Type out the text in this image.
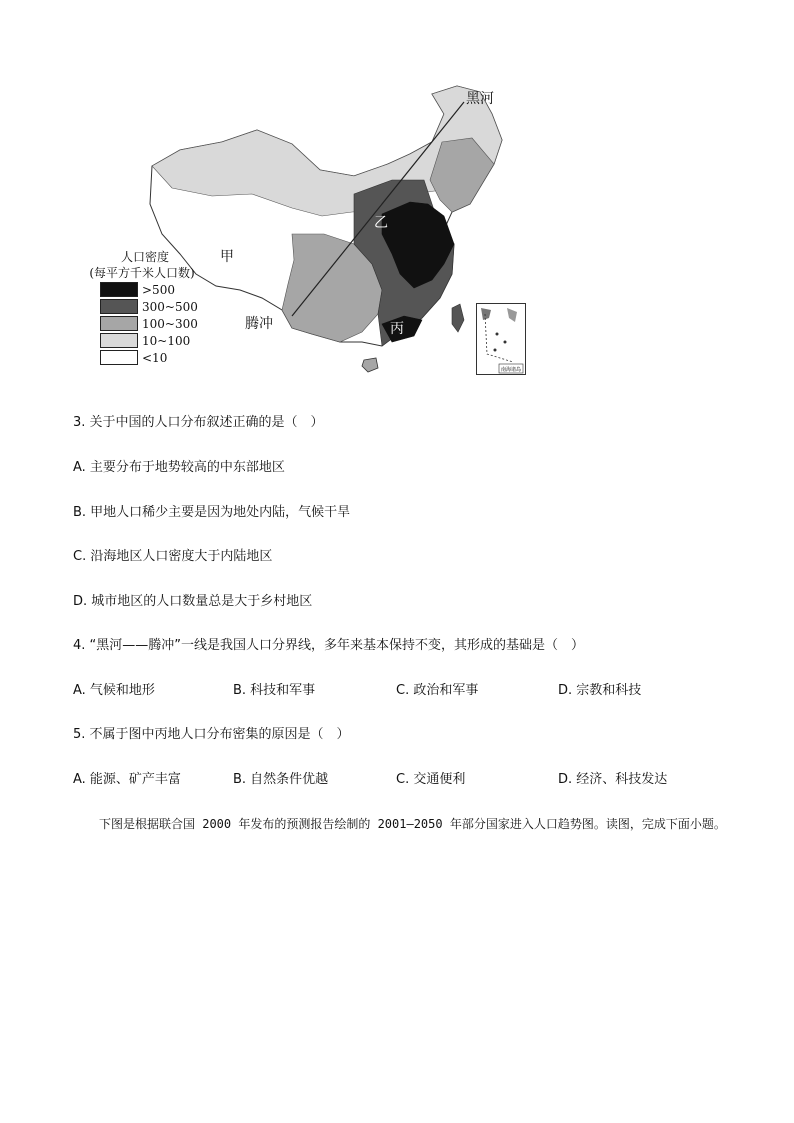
黑河
腾冲
甲
乙
丙
人口密度
(每平方千米人口数)
>500
300~500
100~300
10~100
<10
南海诸岛
3. 关于中国的人口分布叙述正确的是（　）
A. 主要分布于地势较高的中东部地区
B. 甲地人口稀少主要是因为地处内陆，气候干旱
C. 沿海地区人口密度大于内陆地区
D. 城市地区的人口数量总是大于乡村地区
4. “黑河——腾冲”一线是我国人口分界线，多年来基本保持不变，其形成的基础是（　）
A. 气候和地形	B. 科技和军事	C. 政治和军事	D. 宗教和科技
5. 不属于图中丙地人口分布密集的原因是（　）
A. 能源、矿产丰富	B. 自然条件优越	C. 交通便利	D. 经济、科技发达
下图是根据联合国 2000 年发布的预测报告绘制的 2001—2050 年部分国家进入人口趋势图。读图，完成下面小题。
